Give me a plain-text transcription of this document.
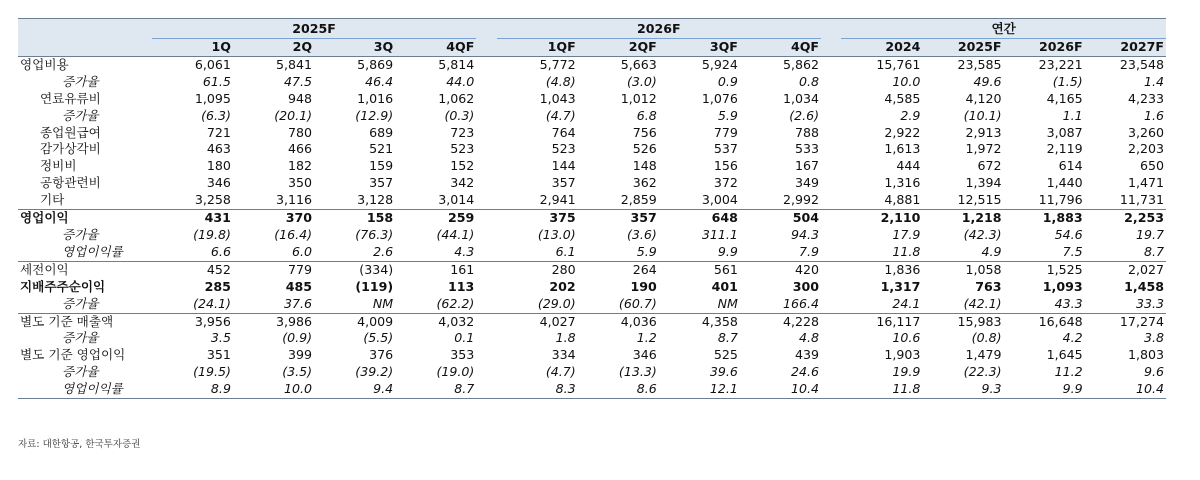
	2025F					2026F					연간			
	1Q	2Q	3Q	4QF		1QF	2QF	3QF	4QF		2024	2025F	2026F	2027F
영업비용	6,061	5,841	5,869	5,814		5,772	5,663	5,924	5,862		15,761	23,585	23,221	23,548
증가율	61.5	47.5	46.4	44.0		(4.8)	(3.0)	0.9	0.8		10.0	49.6	(1.5)	1.4
연료유류비	1,095	948	1,016	1,062		1,043	1,012	1,076	1,034		4,585	4,120	4,165	4,233
증가율	(6.3)	(20.1)	(12.9)	(0.3)		(4.7)	6.8	5.9	(2.6)		2.9	(10.1)	1.1	1.6
종업원급여	721	780	689	723		764	756	779	788		2,922	2,913	3,087	3,260
감가상각비	463	466	521	523		523	526	537	533		1,613	1,972	2,119	2,203
정비비	180	182	159	152		144	148	156	167		444	672	614	650
공항관련비	346	350	357	342		357	362	372	349		1,316	1,394	1,440	1,471
기타	3,258	3,116	3,128	3,014		2,941	2,859	3,004	2,992		4,881	12,515	11,796	11,731
영업이익	431	370	158	259		375	357	648	504		2,110	1,218	1,883	2,253
증가율	(19.8)	(16.4)	(76.3)	(44.1)		(13.0)	(3.6)	311.1	94.3		17.9	(42.3)	54.6	19.7
영업이익률	6.6	6.0	2.6	4.3		6.1	5.9	9.9	7.9		11.8	4.9	7.5	8.7
세전이익	452	779	(334)	161		280	264	561	420		1,836	1,058	1,525	2,027
지배주주순이익	285	485	(119)	113		202	190	401	300		1,317	763	1,093	1,458
증가율	(24.1)	37.6	NM	(62.2)		(29.0)	(60.7)	NM	166.4		24.1	(42.1)	43.3	33.3
별도 기준 매출액	3,956	3,986	4,009	4,032		4,027	4,036	4,358	4,228		16,117	15,983	16,648	17,274
증가율	3.5	(0.9)	(5.5)	0.1		1.8	1.2	8.7	4.8		10.6	(0.8)	4.2	3.8
별도 기준 영업이익	351	399	376	353		334	346	525	439		1,903	1,479	1,645	1,803
증가율	(19.5)	(3.5)	(39.2)	(19.0)		(4.7)	(13.3)	39.6	24.6		19.9	(22.3)	11.2	9.6
영업이익률	8.9	10.0	9.4	8.7		8.3	8.6	12.1	10.4		11.8	9.3	9.9	10.4
자료: 대한항공, 한국투자증권
